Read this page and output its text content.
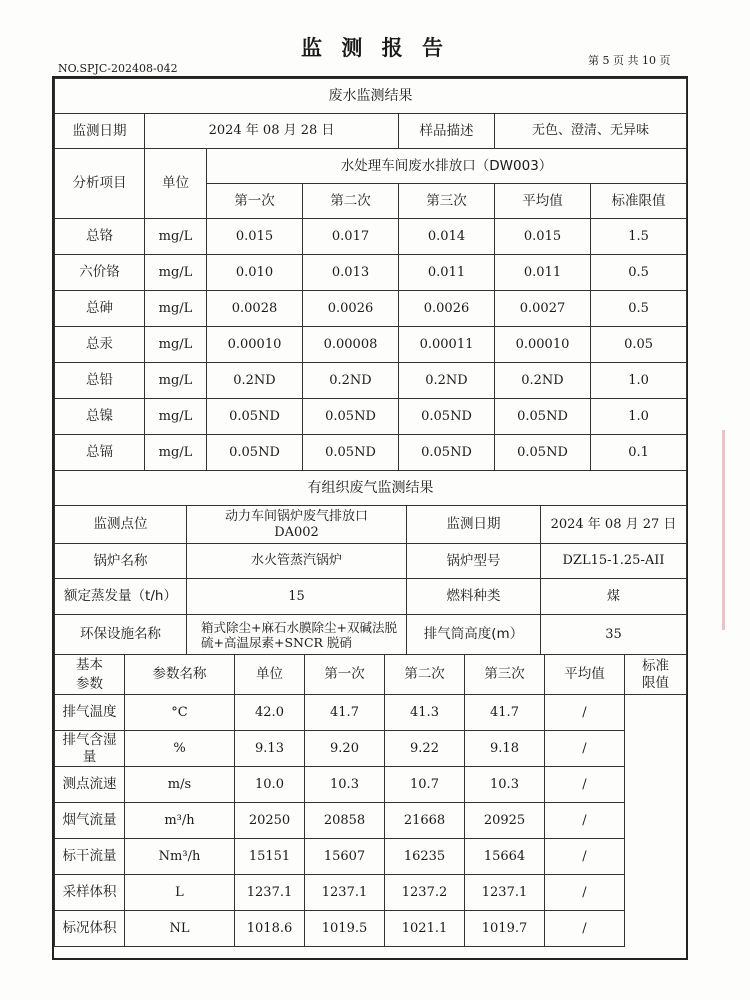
监 测 报 告
NO.SPJC-202408-042
第 5 页 共 10 页
废水监测结果						
监测日期	2024 年 08 月 28 日			样品描述	无色、澄清、无异味	
分析项目	单位	水处理车间废水排放口（DW003）				
		第一次	第二次	第三次	平均值	标准限值
总铬	mg/L	0.015	0.017	0.014	0.015	1.5
六价铬	mg/L	0.010	0.013	0.011	0.011	0.5
总砷	mg/L	0.0028	0.0026	0.0026	0.0027	0.5
总汞	mg/L	0.00010	0.00008	0.00011	0.00010	0.05
总铅	mg/L	0.2ND	0.2ND	0.2ND	0.2ND	1.0
总镍	mg/L	0.05ND	0.05ND	0.05ND	0.05ND	1.0
总镉	mg/L	0.05ND	0.05ND	0.05ND	0.05ND	0.1
有组织废气监测结果			
监测点位	动力车间锅炉废气排放口DA002	监测日期	2024 年 08 月 27 日
锅炉名称	水火管蒸汽锅炉	锅炉型号	DZL15-1.25-AII
额定蒸发量（t/h）	15	燃料种类	煤
环保设施名称	箱式除尘+麻石水膜除尘+双碱法脱硫+高温尿素+SNCR 脱硝	排气筒高度(m）	35
基本参数	参数名称	单位	第一次	第二次	第三次	平均值	标准限值

排气温度	°C	42.0	41.7	41.3	41.7	/	
排气含湿量	%	9.13	9.20	9.22	9.18	/	
测点流速	m/s	10.0	10.3	10.7	10.3	/	
烟气流量	m³/h	20250	20858	21668	20925	/	
标干流量	Nm³/h	15151	15607	16235	15664	/	
采样体积	L	1237.1	1237.1	1237.2	1237.1	/	
标况体积	NL	1018.6	1019.5	1021.1	1019.7	/	
